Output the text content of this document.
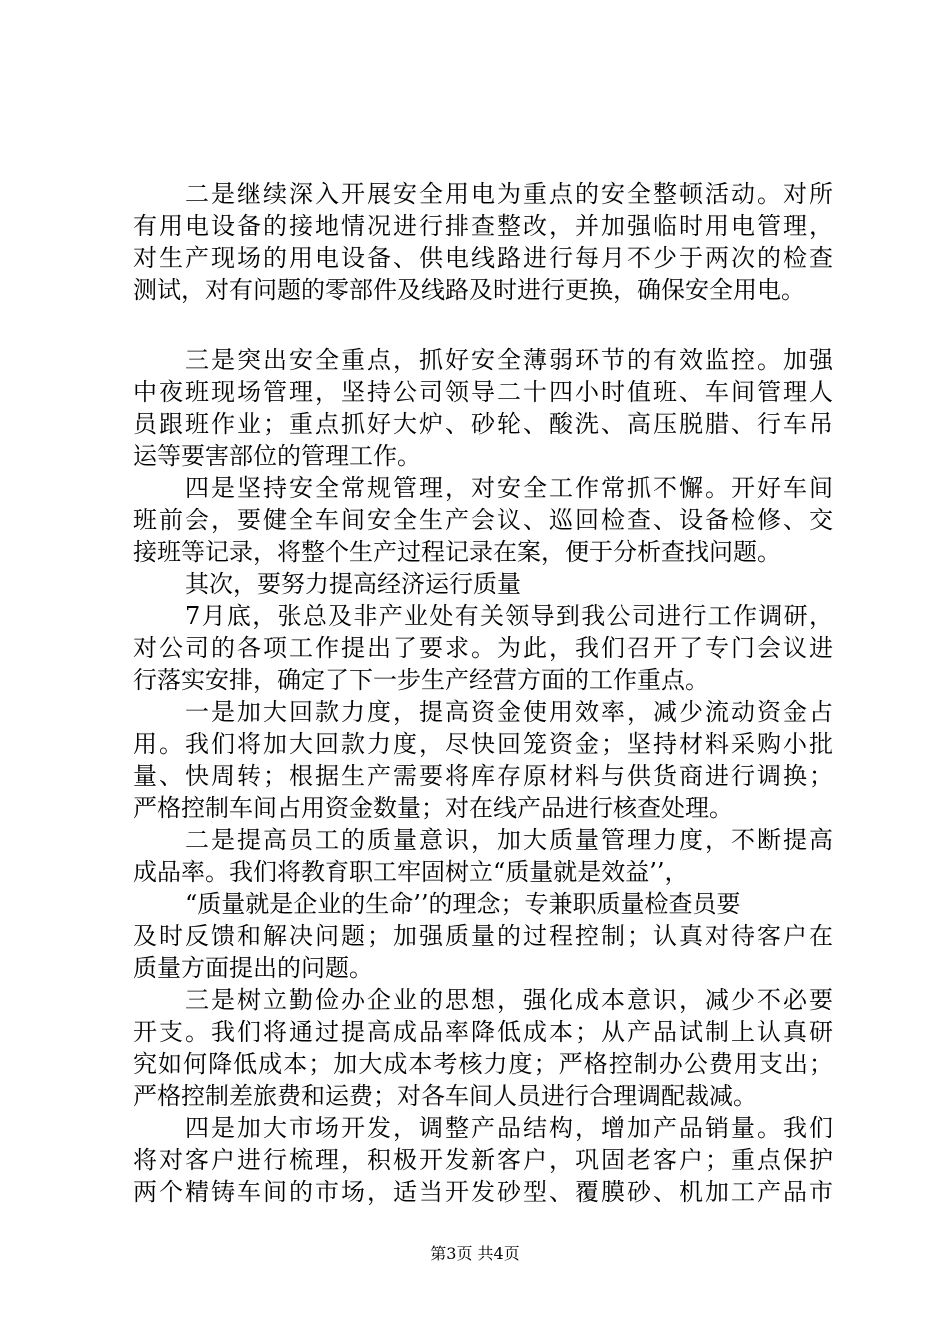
二是继续深入开展安全用电为重点的安全整顿活动。对所
有用电设备的接地情况进行排查整改，并加强临时用电管理，
对生产现场的用电设备、供电线路进行每月不少于两次的检查
测试，对有问题的零部件及线路及时进行更换，确保安全用电。
三是突出安全重点，抓好安全薄弱环节的有效监控。加强
中夜班现场管理，坚持公司领导二十四小时值班、车间管理人
员跟班作业；重点抓好大炉、砂轮、酸洗、高压脱腊、行车吊
运等要害部位的管理工作。
四是坚持安全常规管理，对安全工作常抓不懈。开好车间
班前会，要健全车间安全生产会议、巡回检查、设备检修、交
接班等记录，将整个生产过程记录在案，便于分析查找问题。
其次，要努力提高经济运行质量
7月底，张总及非产业处有关领导到我公司进行工作调研，
对公司的各项工作提出了要求。为此，我们召开了专门会议进
行落实安排，确定了下一步生产经营方面的工作重点。
一是加大回款力度，提高资金使用效率，减少流动资金占
用。我们将加大回款力度，尽快回笼资金；坚持材料采购小批
量、快周转；根据生产需要将库存原材料与供货商进行调换；
严格控制车间占用资金数量；对在线产品进行核查处理。
二是提高员工的质量意识，加大质量管理力度，不断提高
成品率。我们将教育职工牢固树立“质量就是效益’’，
“质量就是企业的生命’’的理念；专兼职质量检查员要
及时反馈和解决问题；加强质量的过程控制；认真对待客户在
质量方面提出的问题。
三是树立勤俭办企业的思想，强化成本意识，减少不必要
开支。我们将通过提高成品率降低成本；从产品试制上认真研
究如何降低成本；加大成本考核力度；严格控制办公费用支出；
严格控制差旅费和运费；对各车间人员进行合理调配裁减。
四是加大市场开发，调整产品结构，增加产品销量。我们
将对客户进行梳理，积极开发新客户，巩固老客户；重点保护
两个精铸车间的市场，适当开发砂型、覆膜砂、机加工产品市
第3页 共4页
